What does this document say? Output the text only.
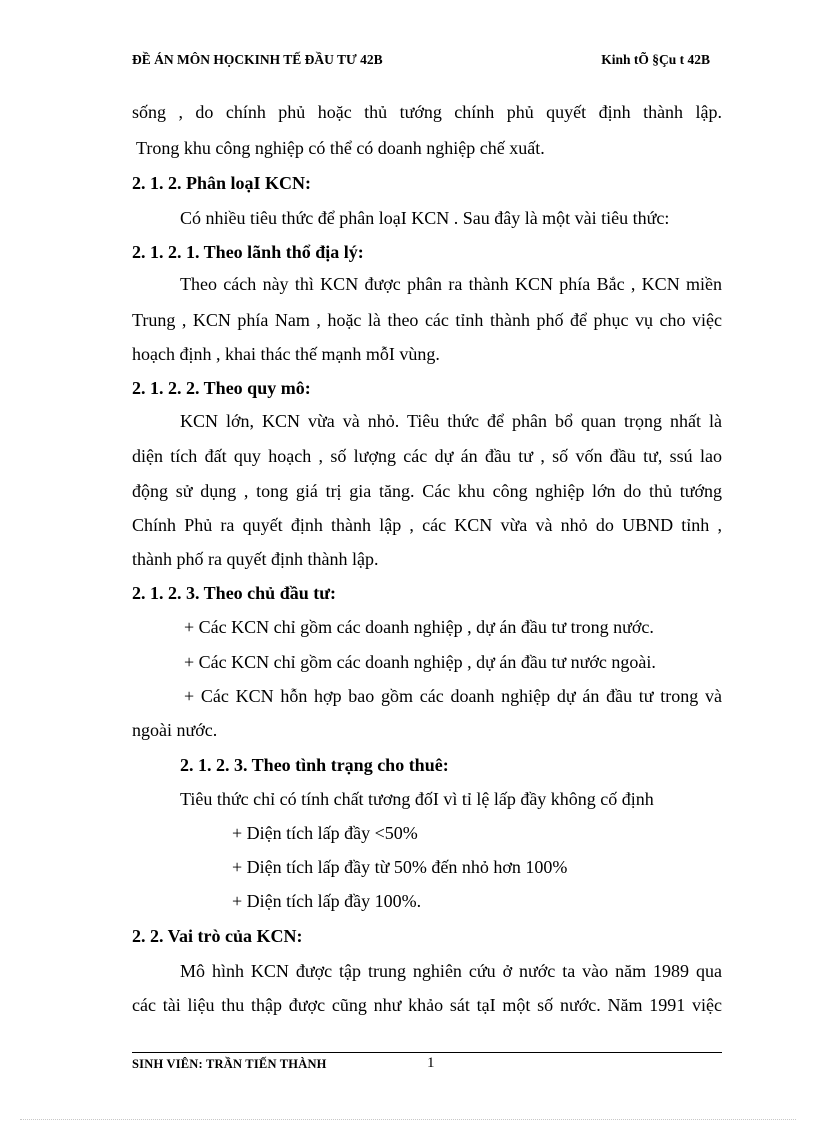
ĐỀ ÁN MÔN HỌCKINH TẾ ĐẦU TƯ 42B	Kinh tÕ §Çu t 42B
sống , do chính phủ hoặc thủ tướng chính phủ quyết định thành lập.
Trong khu công nghiệp có thể có doanh nghiệp chế xuất.
2. 1. 2. Phân loạI KCN:
Có nhiều tiêu thức để phân loạI KCN . Sau đây là một vài tiêu thức:
2. 1. 2. 1. Theo lãnh thổ địa lý:
Theo cách này thì KCN được phân ra thành KCN phía Bắc , KCN miền
Trung , KCN phía Nam , hoặc là theo các tỉnh thành phố để phục vụ cho việc
hoạch định , khai thác thế mạnh mỗI vùng.
2. 1. 2. 2. Theo quy mô:
KCN lớn, KCN vừa và nhỏ. Tiêu thức để phân bổ quan trọng nhất là
diện tích đất quy hoạch , số lượng các dự án đầu tư , số vốn đầu tư, ssú lao
động sử dụng , tong giá trị gia tăng. Các khu công nghiệp lớn do thủ tướng
Chính Phủ ra quyết định thành lập , các KCN vừa và nhỏ do UBND tỉnh ,
thành phố ra quyết định thành lập.
2. 1. 2. 3. Theo chủ đầu tư:
+ Các KCN chỉ gồm các doanh nghiệp , dự án đầu tư trong nước.
+ Các KCN chỉ gồm các doanh nghiệp , dự án đầu tư nước ngoài.
+ Các KCN hỗn hợp bao gồm các doanh nghiệp dự án đầu tư trong và
ngoài nước.
2. 1. 2. 3. Theo tình trạng cho thuê:
Tiêu thức chỉ có tính chất tương đốI vì tỉ lệ lấp đầy không cố định
+ Diện tích lấp đầy <50%
+ Diện tích lấp đầy từ 50% đến nhỏ hơn 100%
+ Diện tích lấp đầy 100%.
2. 2. Vai trò của KCN:
Mô hình KCN được tập trung nghiên cứu ở nước ta vào năm 1989 qua
các tài liệu thu thập được cũng như khảo sát tạI một số nước. Năm 1991 việc
SINH VIÊN: TRẦN TIẾN THÀNH	1
